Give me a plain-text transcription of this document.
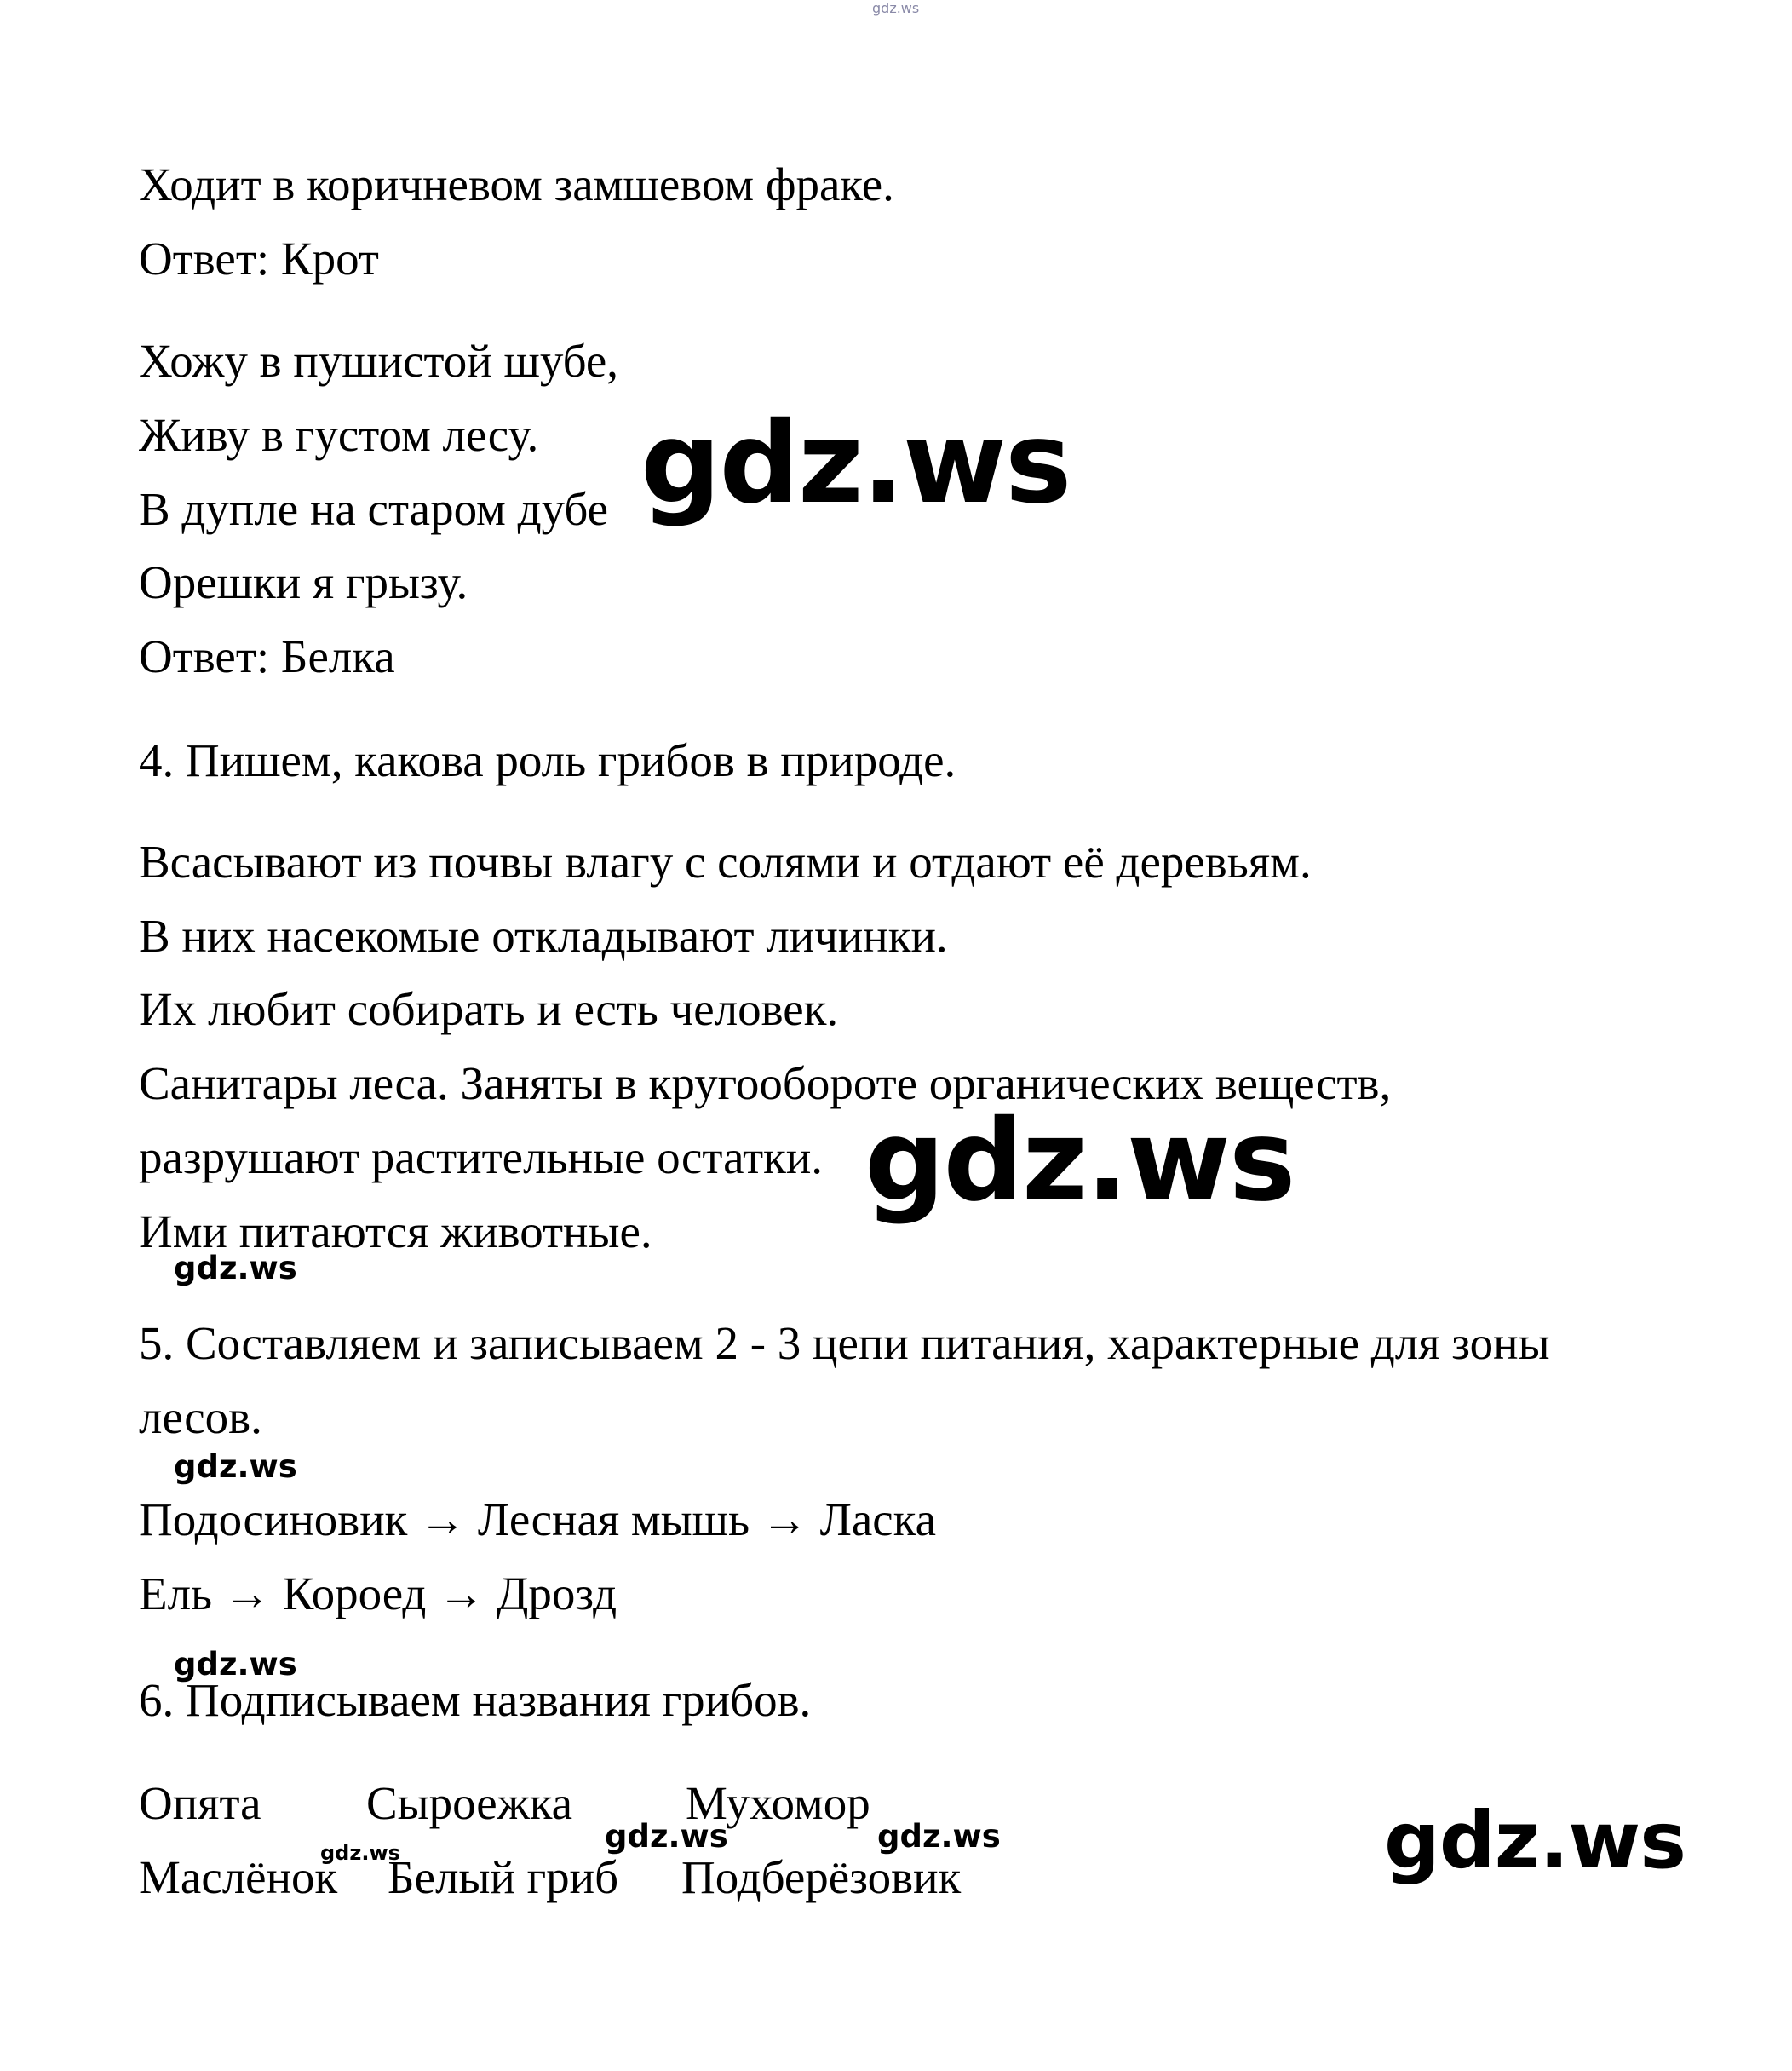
gdz.ws
Ходит в коричневом замшевом фраке.
Ответ: Крот
Хожу в пушистой шубе,
Живу в густом лесу.
В дупле на старом дубе
Орешки я грызу.
Ответ: Белка
4. Пишем, какова роль грибов в природе.
Всасывают из почвы влагу с солями и отдают её деревьям.
В них насекомые откладывают личинки.
Их любит собирать и есть человек.
Санитары леса. Заняты в кругообороте органических веществ,
разрушают растительные остатки.
Ими питаются животные.
5. Составляем и записываем 2 - 3 цепи питания, характерные для зоны
лесов.
Подосиновик → Лесная мышь → Ласка
Ель → Короед → Дрозд
6. Подписываем названия грибов.
Опята Сыроежка Мухомор
Маслёнок Белый гриб Подберёзовик
gdz.ws
gdz.ws
gdz.ws
gdz.ws
gdz.ws
gdz.ws
gdz.ws	gdz.ws
gdz.ws
